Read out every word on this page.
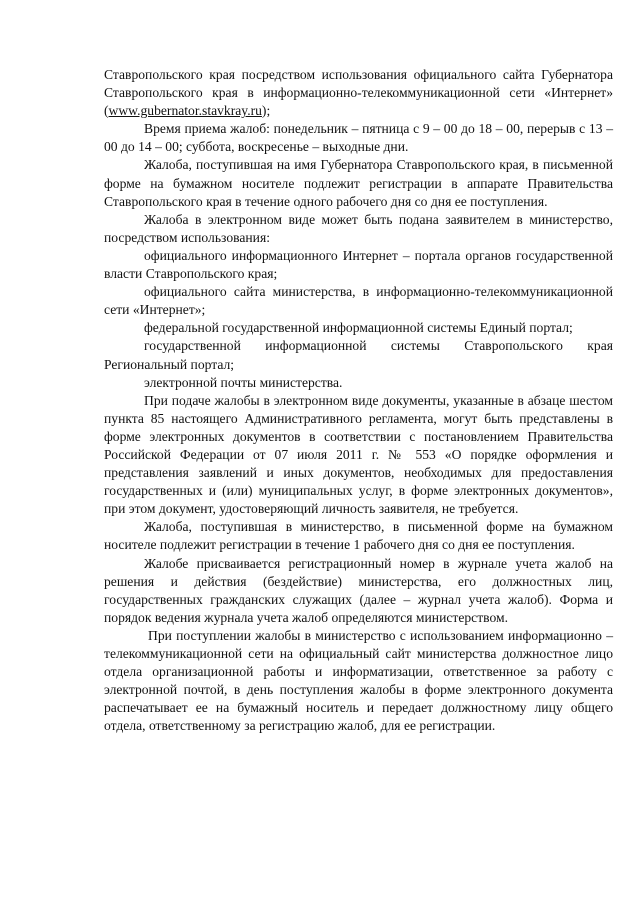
Ставропольского края посредством использования официального сайта Губернатора Ставропольского края в информационно-телекоммуникационной сети «Интернет» (www.gubernator.stavkray.ru);

Время приема жалоб: понедельник – пятница с 9 – 00 до 18 – 00, перерыв с 13 – 00 до 14 – 00; суббота, воскресенье – выходные дни.

Жалоба, поступившая на имя Губернатора Ставропольского края, в письменной форме на бумажном носителе подлежит регистрации в аппарате Правительства Ставропольского края в течение одного рабочего дня со дня ее поступления.

Жалоба в электронном виде может быть подана заявителем в министерство, посредством использования:

официального информационного Интернет – портала органов государственной власти Ставропольского края;

официального сайта министерства, в информационно-телекоммуникационной сети «Интернет»;

федеральной государственной информационной системы Единый портал;

государственной информационной системы Ставропольского края Региональный портал;

электронной почты министерства.

При подаче жалобы в электронном виде документы, указанные в абзаце шестом пункта 85 настоящего Административного регламента, могут быть представлены в форме электронных документов в соответствии с постановлением Правительства Российской Федерации от 07 июля 2011 г. № 553 «О порядке оформления и представления заявлений и иных документов, необходимых для предоставления государственных и (или) муниципальных услуг, в форме электронных документов», при этом документ, удостоверяющий личность заявителя, не требуется.

Жалоба, поступившая в министерство, в письменной форме на бумажном носителе подлежит регистрации в течение 1 рабочего дня со дня ее поступления.

Жалобе присваивается регистрационный номер в журнале учета жалоб на решения и действия (бездействие) министерства, его должностных лиц, государственных гражданских служащих (далее – журнал учета жалоб). Форма и порядок ведения журнала учета жалоб определяются министерством.

При поступлении жалобы в министерство с использованием информационно – телекоммуникационной сети на официальный сайт министерства должностное лицо отдела организационной работы и информатизации, ответственное за работу с электронной почтой, в день поступления жалобы в форме электронного документа распечатывает ее на бумажный носитель и передает должностному лицу общего отдела, ответственному за регистрацию жалоб, для ее регистрации.
